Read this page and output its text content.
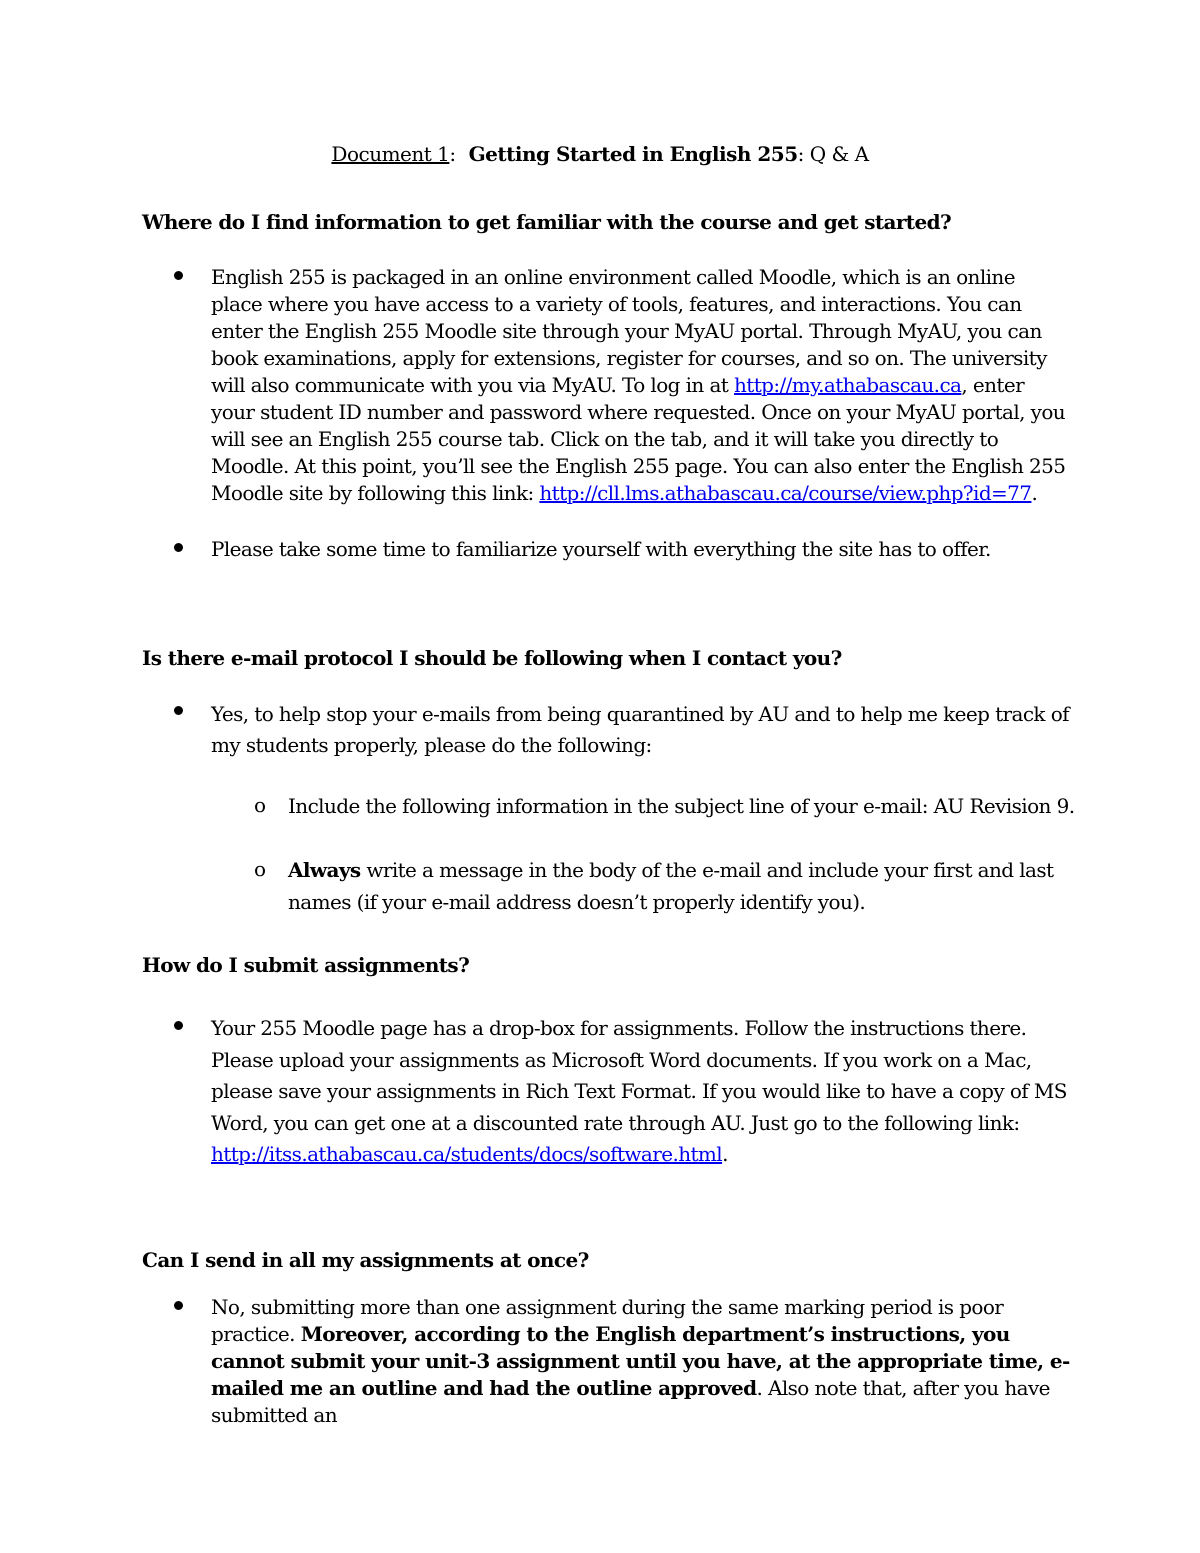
Document 1: Getting Started in English 255: Q & A
Where do I find information to get familiar with the course and get started?
English 255 is packaged in an online environment called Moodle, which is an online place where you have access to a variety of tools, features, and interactions. You can enter the English 255 Moodle site through your MyAU portal. Through MyAU, you can book examinations, apply for extensions, register for courses, and so on. The university will also communicate with you via MyAU. To log in at http://my.athabascau.ca, enter your student ID number and password where requested. Once on your MyAU portal, you will see an English 255 course tab. Click on the tab, and it will take you directly to Moodle. At this point, you’ll see the English 255 page. You can also enter the English 255 Moodle site by following this link: http://cll.lms.athabascau.ca/course/view.php?id=77.
Please take some time to familiarize yourself with everything the site has to offer.
Is there e-mail protocol I should be following when I contact you?
Yes, to help stop your e-mails from being quarantined by AU and to help me keep track of my students properly, please do the following:
o Include the following information in the subject line of your e-mail: AU Revision 9.
o Always write a message in the body of the e-mail and include your first and last names (if your e-mail address doesn’t properly identify you).
How do I submit assignments?
Your 255 Moodle page has a drop-box for assignments. Follow the instructions there. Please upload your assignments as Microsoft Word documents. If you work on a Mac, please save your assignments in Rich Text Format. If you would like to have a copy of MS Word, you can get one at a discounted rate through AU. Just go to the following link: http://itss.athabascau.ca/students/docs/software.html.
Can I send in all my assignments at once?
No, submitting more than one assignment during the same marking period is poor practice. Moreover, according to the English department’s instructions, you cannot submit your unit-3 assignment until you have, at the appropriate time, e-mailed me an outline and had the outline approved. Also note that, after you have submitted an
